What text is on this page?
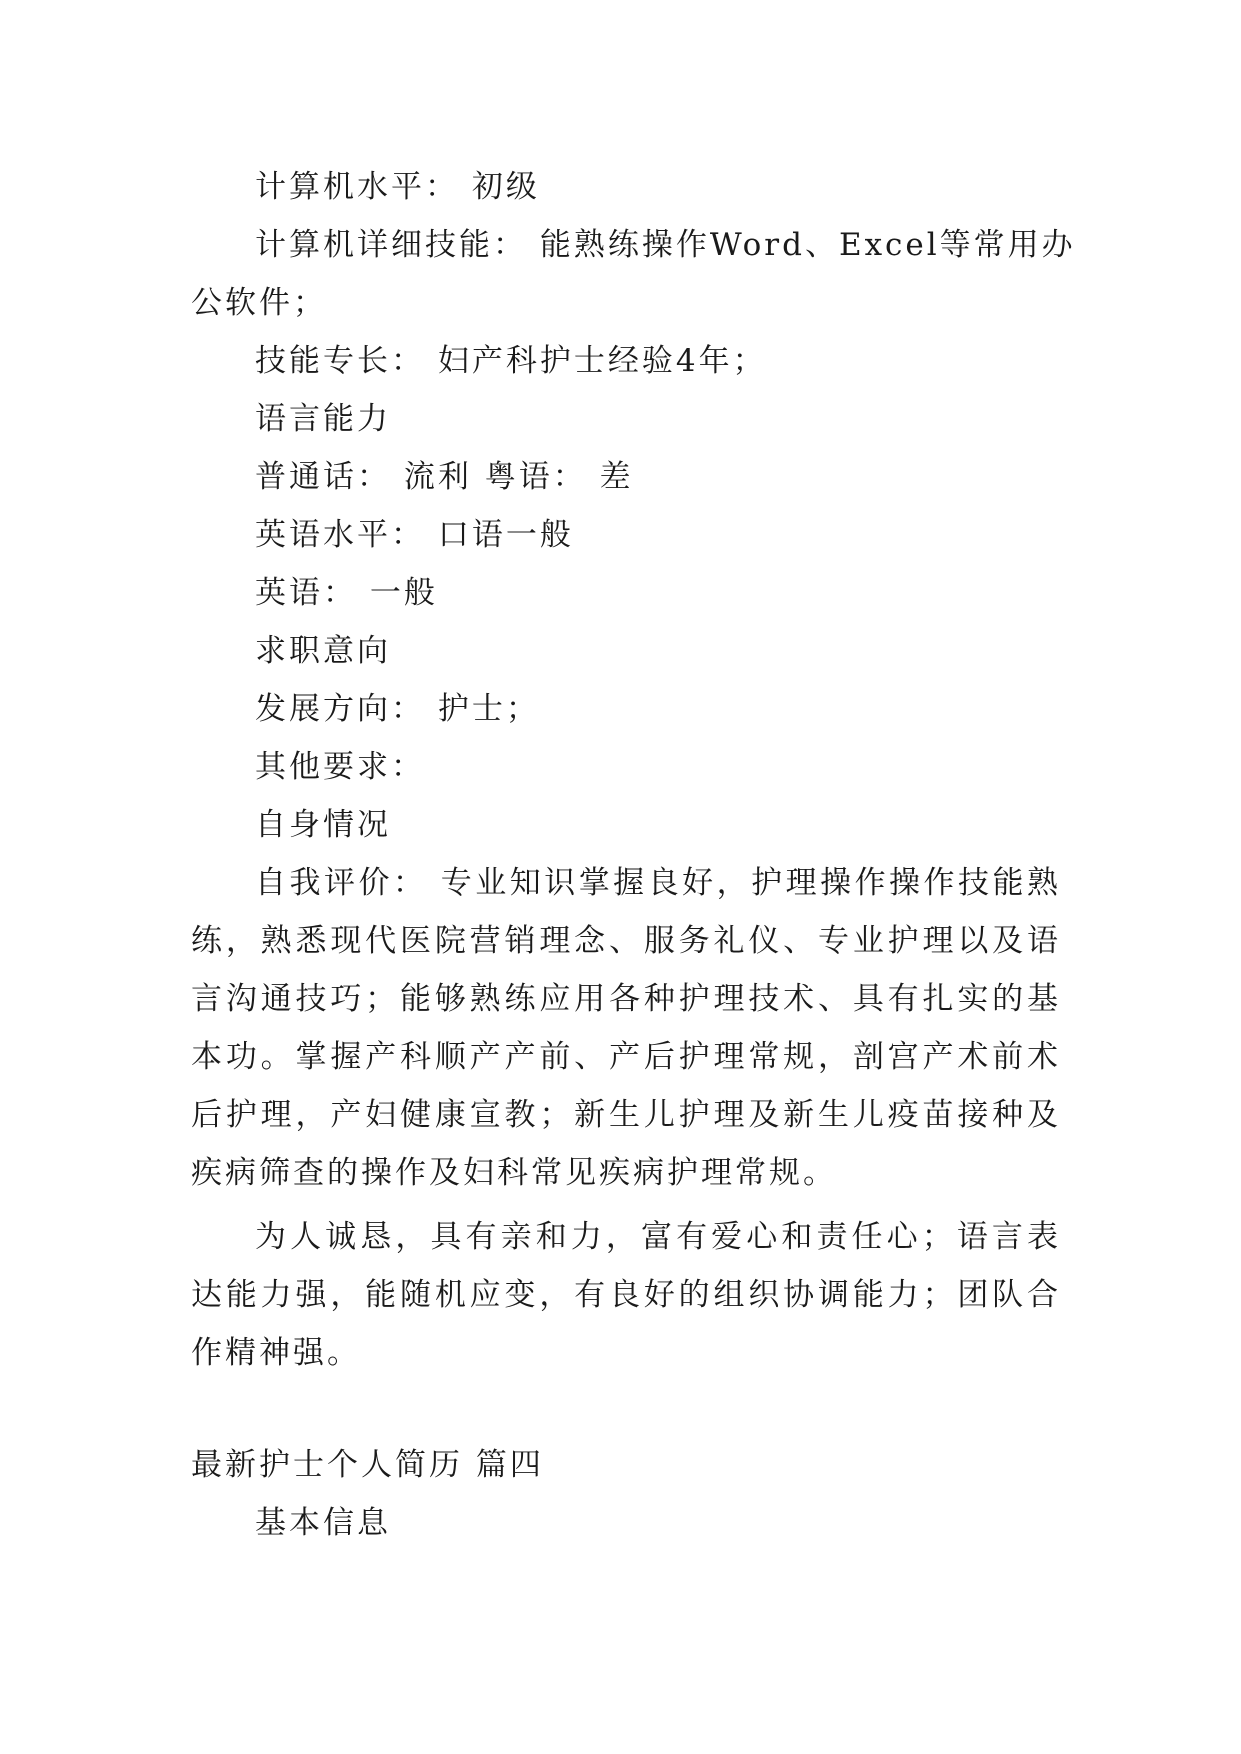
计算机水平： 初级
计算机详细技能： 能熟练操作Word、Excel等常用办
公软件；
技能专长： 妇产科护士经验4年；
语言能力
普通话： 流利 粤语： 差
英语水平： 口语一般
英语： 一般
求职意向
发展方向： 护士；
其他要求：
自身情况
自我评价： 专业知识掌握良好，护理操作操作技能熟练，熟悉现代医院营销理念、服务礼仪、专业护理以及语言沟通技巧；能够熟练应用各种护理技术、具有扎实的基本功。掌握产科顺产产前、产后护理常规，剖宫产术前术后护理，产妇健康宣教；新生儿护理及新生儿疫苗接种及疾病筛查的操作及妇科常见疾病护理常规。
为人诚恳，具有亲和力，富有爱心和责任心；语言表达能力强，能随机应变，有良好的组织协调能力；团队合作精神强。
最新护士个人简历 篇四
基本信息
